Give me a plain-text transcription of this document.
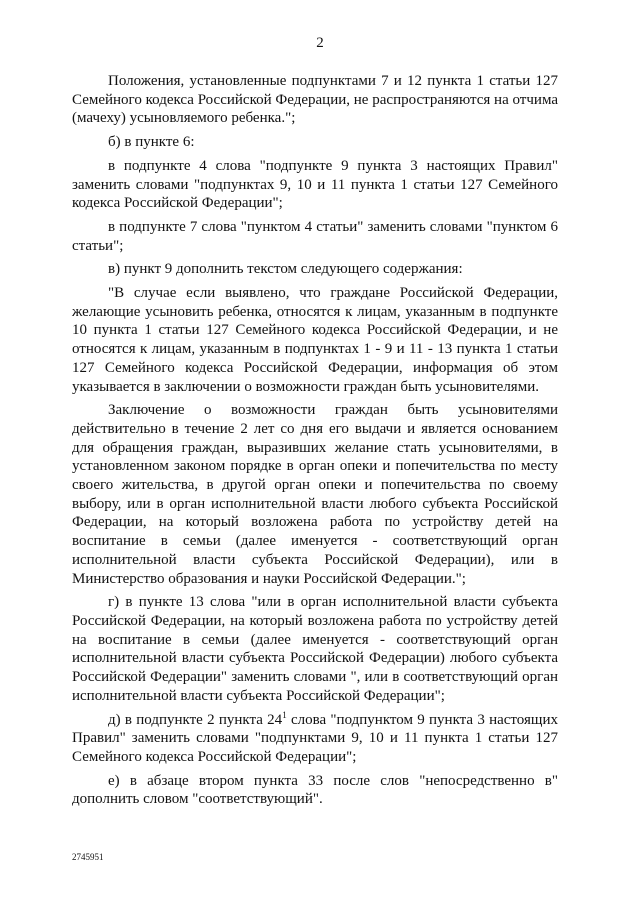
2

Положения, установленные подпунктами 7 и 12 пункта 1 статьи 127 Семейного кодекса Российской Федерации, не распространяются на отчима (мачеху) усыновляемого ребенка.";

б) в пункте 6:

в подпункте 4 слова "подпункте 9 пункта 3 настоящих Правил" заменить словами "подпунктах 9, 10 и 11 пункта 1 статьи 127 Семейного кодекса Российской Федерации";

в подпункте 7 слова "пунктом 4 статьи" заменить словами "пунктом 6 статьи";

в) пункт 9 дополнить текстом следующего содержания:

"В случае если выявлено, что граждане Российской Федерации, желающие усыновить ребенка, относятся к лицам, указанным в подпункте 10 пункта 1 статьи 127 Семейного кодекса Российской Федерации, и не относятся к лицам, указанным в подпунктах 1 - 9 и 11 - 13 пункта 1 статьи 127 Семейного кодекса Российской Федерации, информация об этом указывается в заключении о возможности граждан быть усыновителями.

Заключение о возможности граждан быть усыновителями действительно в течение 2 лет со дня его выдачи и является основанием для обращения граждан, выразивших желание стать усыновителями, в установленном законом порядке в орган опеки и попечительства по месту своего жительства, в другой орган опеки и попечительства по своему выбору, или в орган исполнительной власти любого субъекта Российской Федерации, на который возложена работа по устройству детей на воспитание в семьи (далее именуется - соответствующий орган исполнительной власти субъекта Российской Федерации), или в Министерство образования и науки Российской Федерации.";

г) в пункте 13 слова "или в орган исполнительной власти субъекта Российской Федерации, на который возложена работа по устройству детей на воспитание в семьи (далее именуется - соответствующий орган исполнительной власти субъекта Российской Федерации) любого субъекта Российской Федерации" заменить словами ", или в соответствующий орган исполнительной власти субъекта Российской Федерации";

д) в подпункте 2 пункта $24^1$ слова "подпунктом 9 пункта 3 настоящих Правил" заменить словами "подпунктами 9, 10 и 11 пункта 1 статьи 127 Семейного кодекса Российской Федерации";

е) в абзаце втором пункта 33 после слов "непосредственно в" дополнить словом "соответствующий".

2745951
